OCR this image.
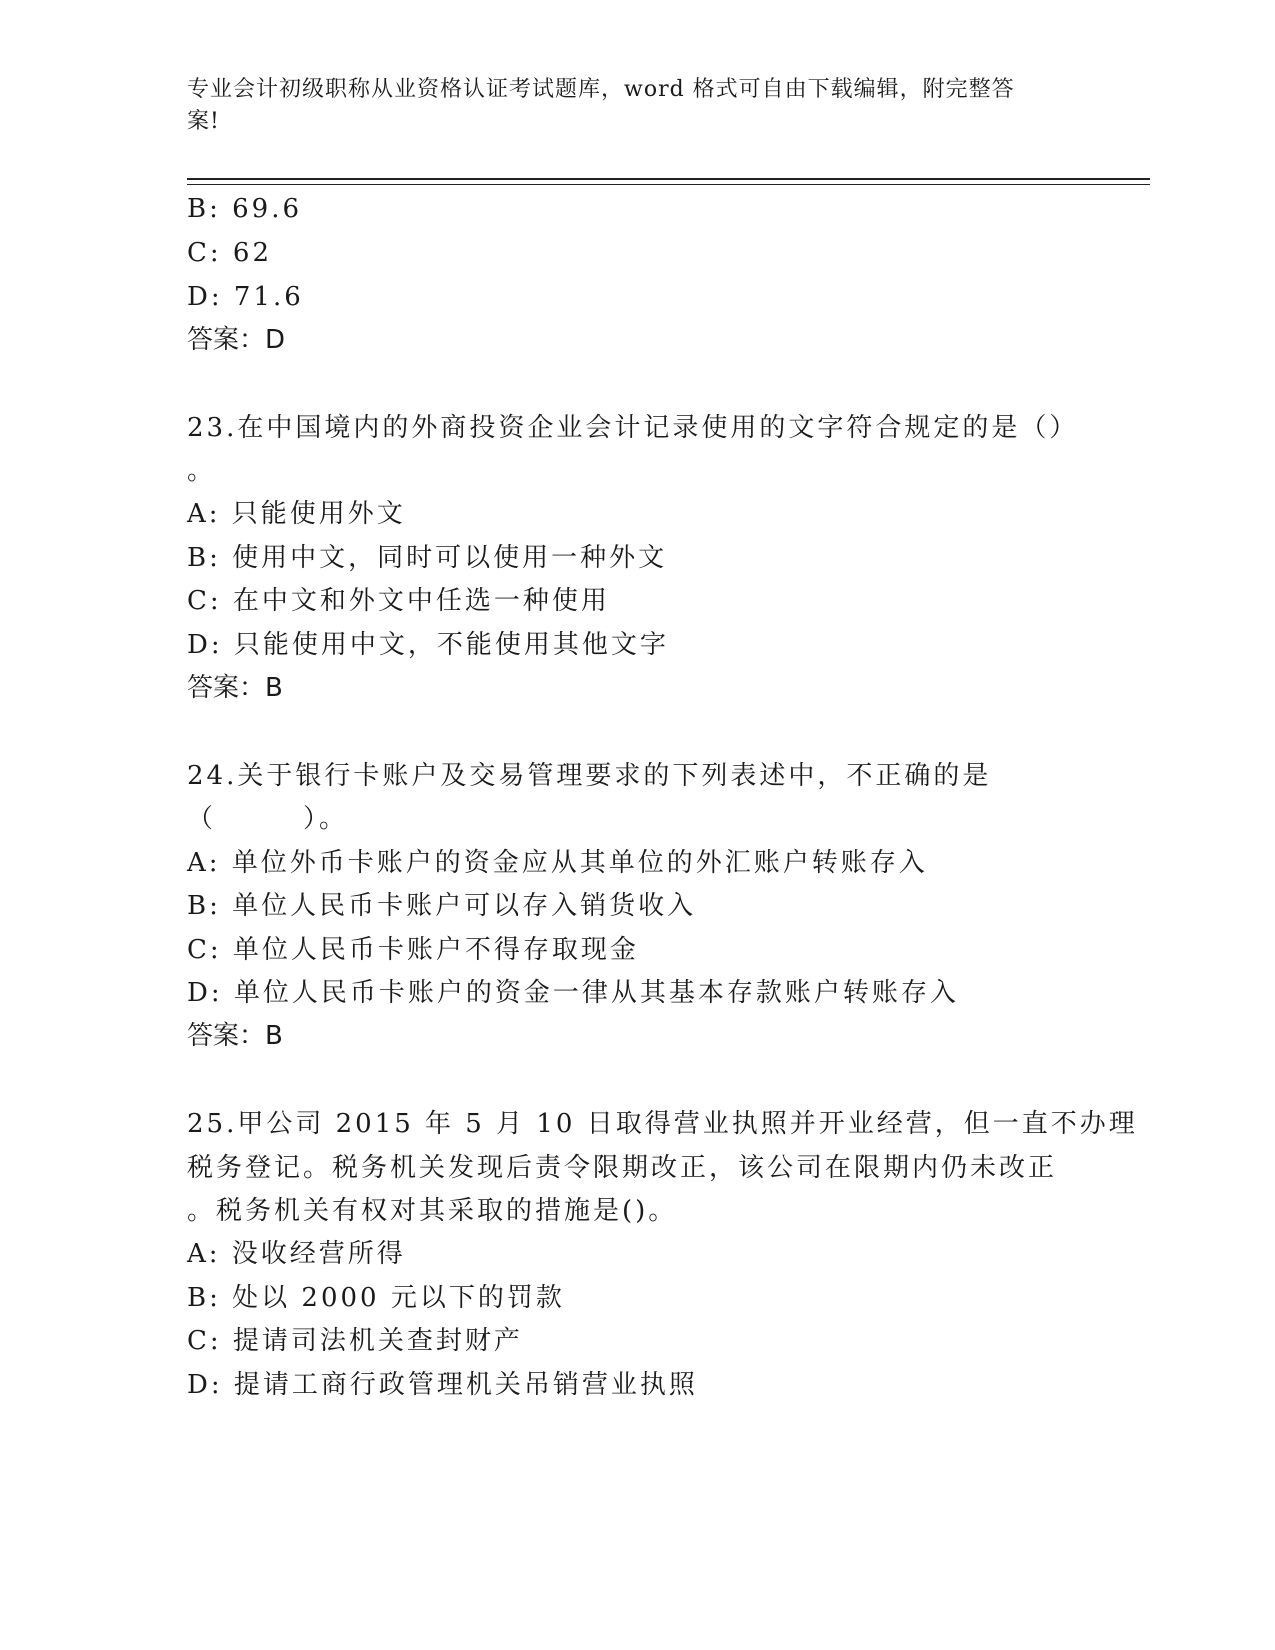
专业会计初级职称从业资格认证考试题库，word 格式可自由下载编辑，附完整答
案!
B: 69.6
C: 62
D: 71.6
答案：D
23.在中国境内的外商投资企业会计记录使用的文字符合规定的是（）
。
A: 只能使用外文
B: 使用中文，同时可以使用一种外文
C: 在中文和外文中任选一种使用
D: 只能使用中文，不能使用其他文字
答案：B
24.关于银行卡账户及交易管理要求的下列表述中，不正确的是
（　　　）。
A: 单位外币卡账户的资金应从其单位的外汇账户转账存入
B: 单位人民币卡账户可以存入销货收入
C: 单位人民币卡账户不得存取现金
D: 单位人民币卡账户的资金一律从其基本存款账户转账存入
答案：B
25.甲公司 2015 年 5 月 10 日取得营业执照并开业经营，但一直不办理
税务登记。税务机关发现后责令限期改正，该公司在限期内仍未改正
。税务机关有权对其采取的措施是()。
A: 没收经营所得
B: 处以 2000 元以下的罚款
C: 提请司法机关查封财产
D: 提请工商行政管理机关吊销营业执照
